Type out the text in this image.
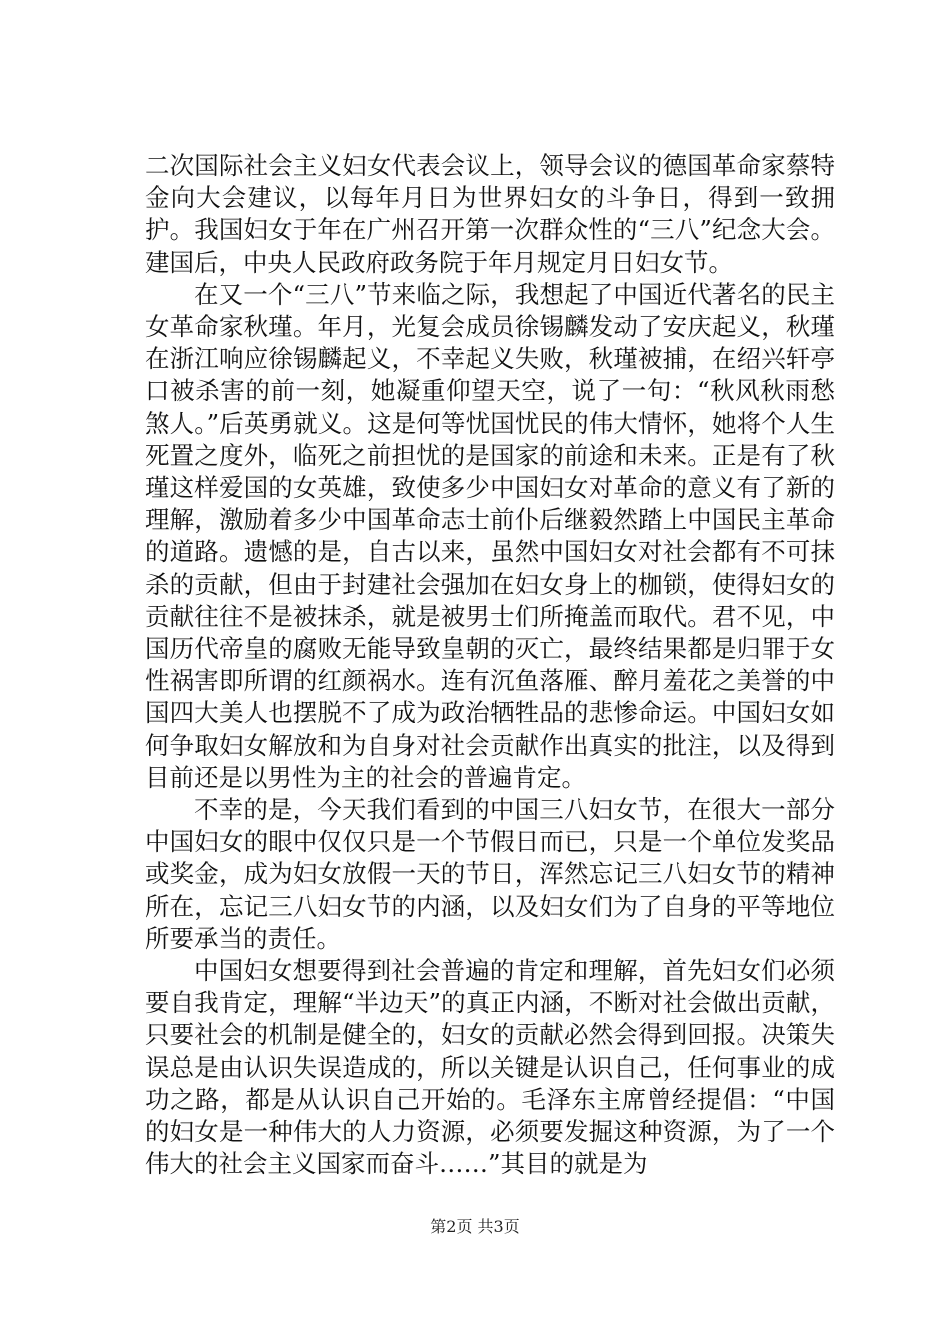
二次国际社会主义妇女代表会议上，领导会议的德国革命家蔡特金向大会建议，以每年月日为世界妇女的斗争日，得到一致拥护。我国妇女于年在广州召开第一次群众性的“三八”纪念大会。建国后，中央人民政府政务院于年月规定月日妇女节。

在又一个“三八”节来临之际，我想起了中国近代著名的民主女革命家秋瑾。年月，光复会成员徐锡麟发动了安庆起义，秋瑾在浙江响应徐锡麟起义，不幸起义失败，秋瑾被捕，在绍兴轩亭口被杀害的前一刻，她凝重仰望天空，说了一句：“秋风秋雨愁煞人。”后英勇就义。这是何等忧国忧民的伟大情怀，她将个人生死置之度外，临死之前担忧的是国家的前途和未来。正是有了秋瑾这样爱国的女英雄，致使多少中国妇女对革命的意义有了新的理解，激励着多少中国革命志士前仆后继毅然踏上中国民主革命的道路。遗憾的是，自古以来，虽然中国妇女对社会都有不可抹杀的贡献，但由于封建社会强加在妇女身上的枷锁，使得妇女的贡献往往不是被抹杀，就是被男士们所掩盖而取代。君不见，中国历代帝皇的腐败无能导致皇朝的灭亡，最终结果都是归罪于女性祸害即所谓的红颜祸水。连有沉鱼落雁、醉月羞花之美誉的中国四大美人也摆脱不了成为政治牺牲品的悲惨命运。中国妇女如何争取妇女解放和为自身对社会贡献作出真实的批注，以及得到目前还是以男性为主的社会的普遍肯定。

不幸的是，今天我们看到的中国三八妇女节，在很大一部分中国妇女的眼中仅仅只是一个节假日而已，只是一个单位发奖品或奖金，成为妇女放假一天的节日，浑然忘记三八妇女节的精神所在，忘记三八妇女节的内涵，以及妇女们为了自身的平等地位所要承当的责任。

中国妇女想要得到社会普遍的肯定和理解，首先妇女们必须要自我肯定，理解“半边天”的真正内涵，不断对社会做出贡献，只要社会的机制是健全的，妇女的贡献必然会得到回报。决策失误总是由认识失误造成的，所以关键是认识自己，任何事业的成功之路，都是从认识自己开始的。毛泽东主席曾经提倡：“中国的妇女是一种伟大的人力资源，必须要发掘这种资源，为了一个伟大的社会主义国家而奋斗……”其目的就是为

第2页 共3页
